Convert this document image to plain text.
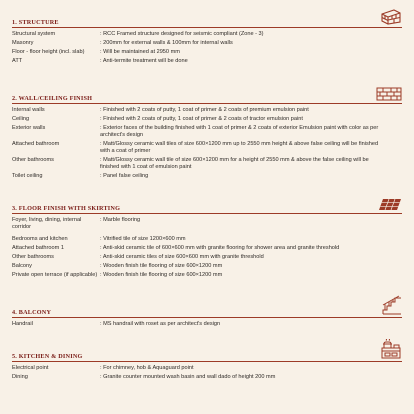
1. STRUCTURE
Structural system	: RCC Framed structure designed for seismic compliant (Zone - 3)
Masonry	: 200mm for external walls & 100mm for internal walls
Floor - floor height (incl. slab)	: Will be maintained at 2950 mm
ATT	: Anti-termite treatment will be done
2. WALL/CEILING FINISH
Internal walls	: Finished with 2 coats of putty, 1 coat of primer & 2 coats of premium emulsion paint
Ceiling	: Finished with 2 coats of putty, 1 coat of primer & 2 coats of tractor emulsion paint
Exterior walls	: Exterior faces of the building finished with 1 coat of primer & 2 coats of exterior Emulsion paint with color as per architect's design
Attached bathroom	: Matt/Glossy ceramic wall tiles of size 600×1200 mm up to 2550 mm height & above false ceiling will be finished with a coat of primer
Other bathrooms	: Matt/Glossy ceramic wall tile of size 600×1200 mm for a height of 2550 mm & above the false ceiling will be finished with 1 coat of emulsion paint
Toilet ceiling	: Panel false ceiling
3. FLOOR FINISH WITH SKIRTING
Foyer, living, dining, internal corridor
: Marble flooring
Bedrooms and kitchen	: Vitrified tile of size 1200×600 mm
Attached bathroom 1	: Anti-skid ceramic tile of 600×600 mm with granite flooring for shower area and granite threshold
Other bathrooms	: Anti-skid ceramic tiles of size 600×600 mm with granite threshold
Balcony	: Wooden finish tile flooring of size 600×1200 mm
Private open terrace (if applicable)	: Wooden finish tile flooring of size 600×1200 mm
4. BALCONY
Handrail	: MS handrail with roset as per architect's design
5. KITCHEN & DINING
Electrical point	: For chimney, hob & Aquaguard point
Dining	: Granite counter mounted wash basin and wall dado of height 200 mm
